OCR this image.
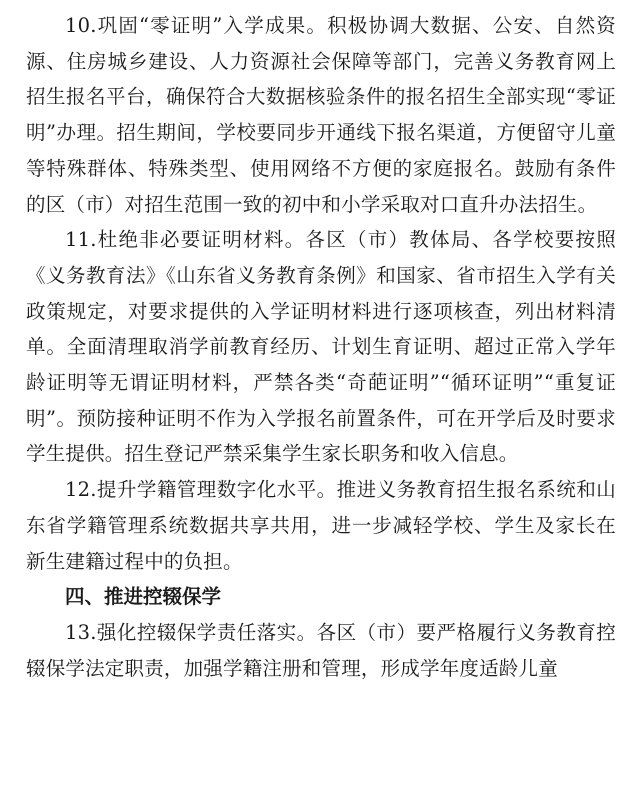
10.巩固“零证明”入学成果。积极协调大数据、公安、自然资源、住房城乡建设、人力资源社会保障等部门，完善义务教育网上招生报名平台，确保符合大数据核验条件的报名招生全部实现“零证明”办理。招生期间，学校要同步开通线下报名渠道，方便留守儿童等特殊群体、特殊类型、使用网络不方便的家庭报名。鼓励有条件的区（市）对招生范围一致的初中和小学采取对口直升办法招生。

11.杜绝非必要证明材料。各区（市）教体局、各学校要按照《义务教育法》《山东省义务教育条例》和国家、省市招生入学有关政策规定，对要求提供的入学证明材料进行逐项核查，列出材料清单。全面清理取消学前教育经历、计划生育证明、超过正常入学年龄证明等无谓证明材料，严禁各类“奇葩证明”“循环证明”“重复证明”。预防接种证明不作为入学报名前置条件，可在开学后及时要求学生提供。招生登记严禁采集学生家长职务和收入信息。

12.提升学籍管理数字化水平。推进义务教育招生报名系统和山东省学籍管理系统数据共享共用，进一步减轻学校、学生及家长在新生建籍过程中的负担。

四、推进控辍保学

13.强化控辍保学责任落实。各区（市）要严格履行义务教育控辍保学法定职责，加强学籍注册和管理，形成学年度适龄儿童
